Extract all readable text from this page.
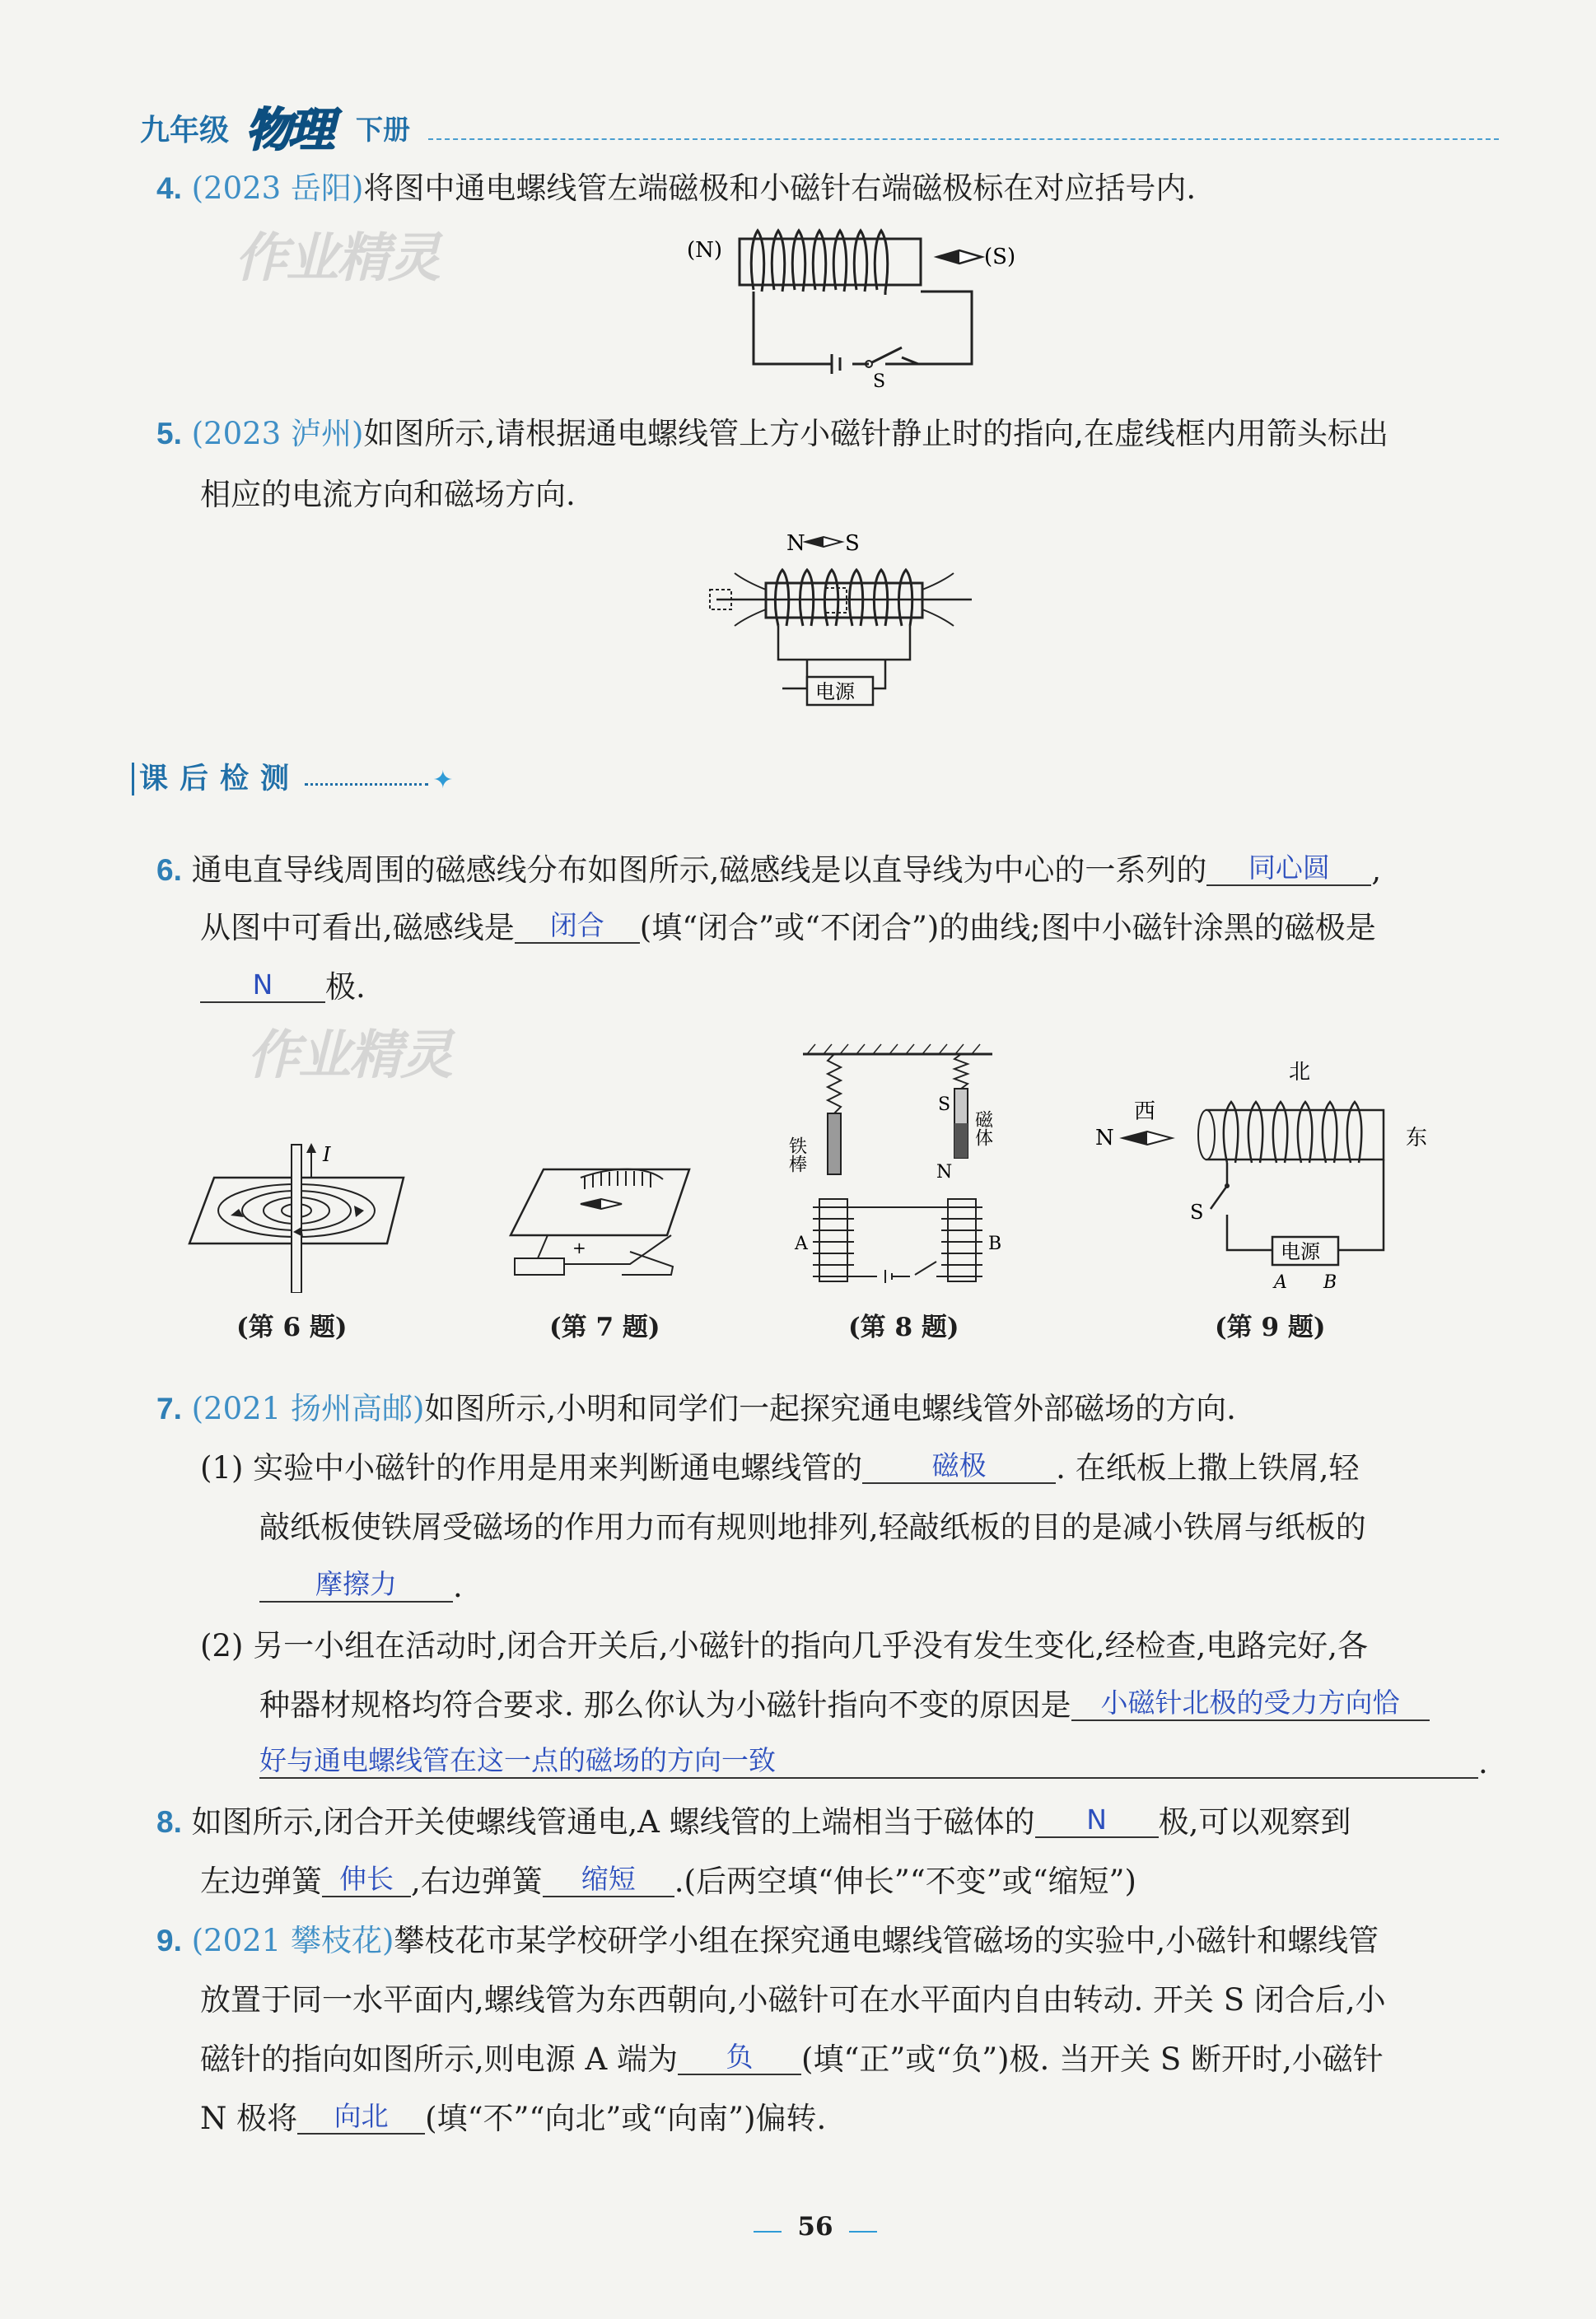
九年级 物理 下册
4. (2023 岳阳)将图中通电螺线管左端磁极和小磁针右端磁极标在对应括号内.
作业精灵	(N)
S
(S)
5. (2023 泸州)如图所示,请根据通电螺线管上方小磁针静止时的指向,在虚线框内用箭头标出
相应的电流方向和磁场方向.
N S
电源
课后检测	✦
6. 通电直导线周围的磁感线分布如图所示,磁感线是以直导线为中心的一系列的 同心圆 ,
从图中可看出,磁感线是 闭合 (填“闭合”或“不闭合”)的曲线;图中小磁针涂黑的磁极是
N 极.
作业精灵
I
(第 6 题)
+
(第 7 题)
铁棒
磁体
S
N
A	B
(第 8 题)
北
西
N	东
S
电源
A B
(第 9 题)
7. (2021 扬州高邮)如图所示,小明和同学们一起探究通电螺线管外部磁场的方向.
(1) 实验中小磁针的作用是用来判断通电螺线管的	磁极 . 在纸板上撒上铁屑,轻
敲纸板使铁屑受磁场的作用力而有规则地排列,轻敲纸板的目的是减小铁屑与纸板的
摩擦力 .
(2) 另一小组在活动时,闭合开关后,小磁针的指向几乎没有发生变化,经检查,电路完好,各
种器材规格均符合要求. 那么你认为小磁针指向不变的原因是 小磁针北极的受力方向恰
好与通电螺线管在这一点的磁场的方向一致	.
8. 如图所示,闭合开关使螺线管通电,A 螺线管的上端相当于磁体的 N 极,可以观察到
左边弹簧 伸长 ,右边弹簧 缩短 .(后两空填“伸长”“不变”或“缩短”)
9. (2021 攀枝花)攀枝花市某学校研学小组在探究通电螺线管磁场的实验中,小磁针和螺线管
放置于同一水平面内,螺线管为东西朝向,小磁针可在水平面内自由转动. 开关 S 闭合后,小
磁针的指向如图所示,则电源 A 端为 负 (填“正”或“负”)极. 当开关 S 断开时,小磁针
N 极将 向北 (填“不”“向北”或“向南”)偏转.
56
